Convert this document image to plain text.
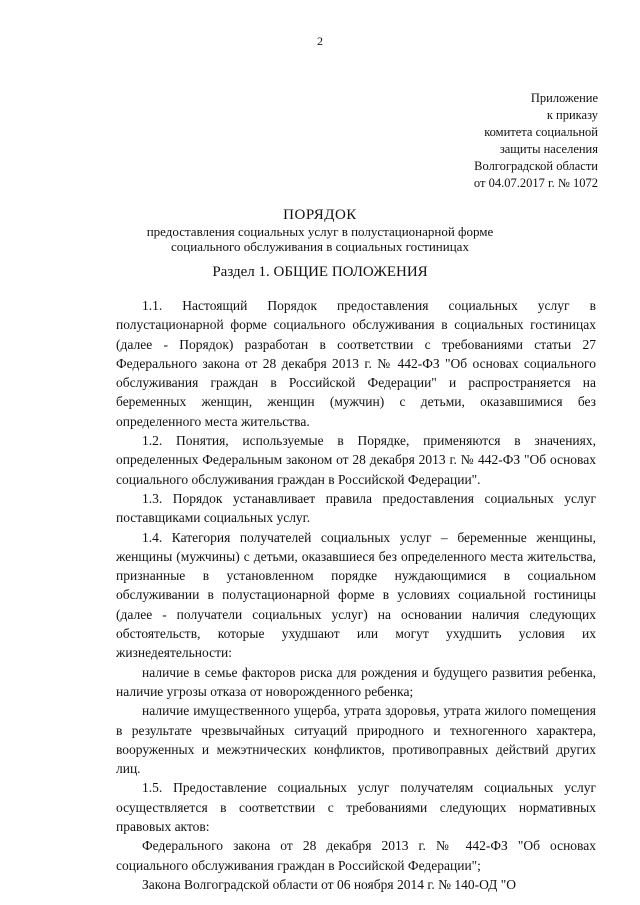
2
Приложение
к приказу
комитета социальной
защиты населения
Волгоградской области
от 04.07.2017 г. № 1072
ПОРЯДОК
предоставления социальных услуг в полустационарной форме
социального обслуживания в социальных гостиницах
Раздел 1. ОБЩИЕ ПОЛОЖЕНИЯ

1.1. Настоящий Порядок предоставления социальных услуг в полустационарной форме социального обслуживания в социальных гостиницах (далее - Порядок) разработан в соответствии с требованиями статьи 27 Федерального закона от 28 декабря 2013 г. № 442-ФЗ "Об основах социального обслуживания граждан в Российской Федерации" и распространяется на беременных женщин, женщин (мужчин) с детьми, оказавшимися без определенного места жительства.

1.2. Понятия, используемые в Порядке, применяются в значениях, определенных Федеральным законом от 28 декабря 2013 г. № 442-ФЗ "Об основах социального обслуживания граждан в Российской Федерации".

1.3. Порядок устанавливает правила предоставления социальных услуг поставщиками социальных услуг.

1.4. Категория получателей социальных услуг – беременные женщины, женщины (мужчины) с детьми, оказавшиеся без определенного места жительства, признанные в установленном порядке нуждающимися в социальном обслуживании в полустационарной форме в условиях социальной гостиницы (далее - получатели социальных услуг) на основании наличия следующих обстоятельств, которые ухудшают или могут ухудшить условия их жизнедеятельности:

наличие в семье факторов риска для рождения и будущего развития ребенка, наличие угрозы отказа от новорожденного ребенка;

наличие имущественного ущерба, утрата здоровья, утрата жилого помещения в результате чрезвычайных ситуаций природного и техногенного характера, вооруженных и межэтнических конфликтов, противоправных действий других лиц.

1.5. Предоставление социальных услуг получателям социальных услуг осуществляется в соответствии с требованиями следующих нормативных правовых актов:

Федерального закона от 28 декабря 2013 г. № 442-ФЗ "Об основах социального обслуживания граждан в Российской Федерации";

Закона Волгоградской области от 06 ноября 2014 г. № 140-ОД "О
